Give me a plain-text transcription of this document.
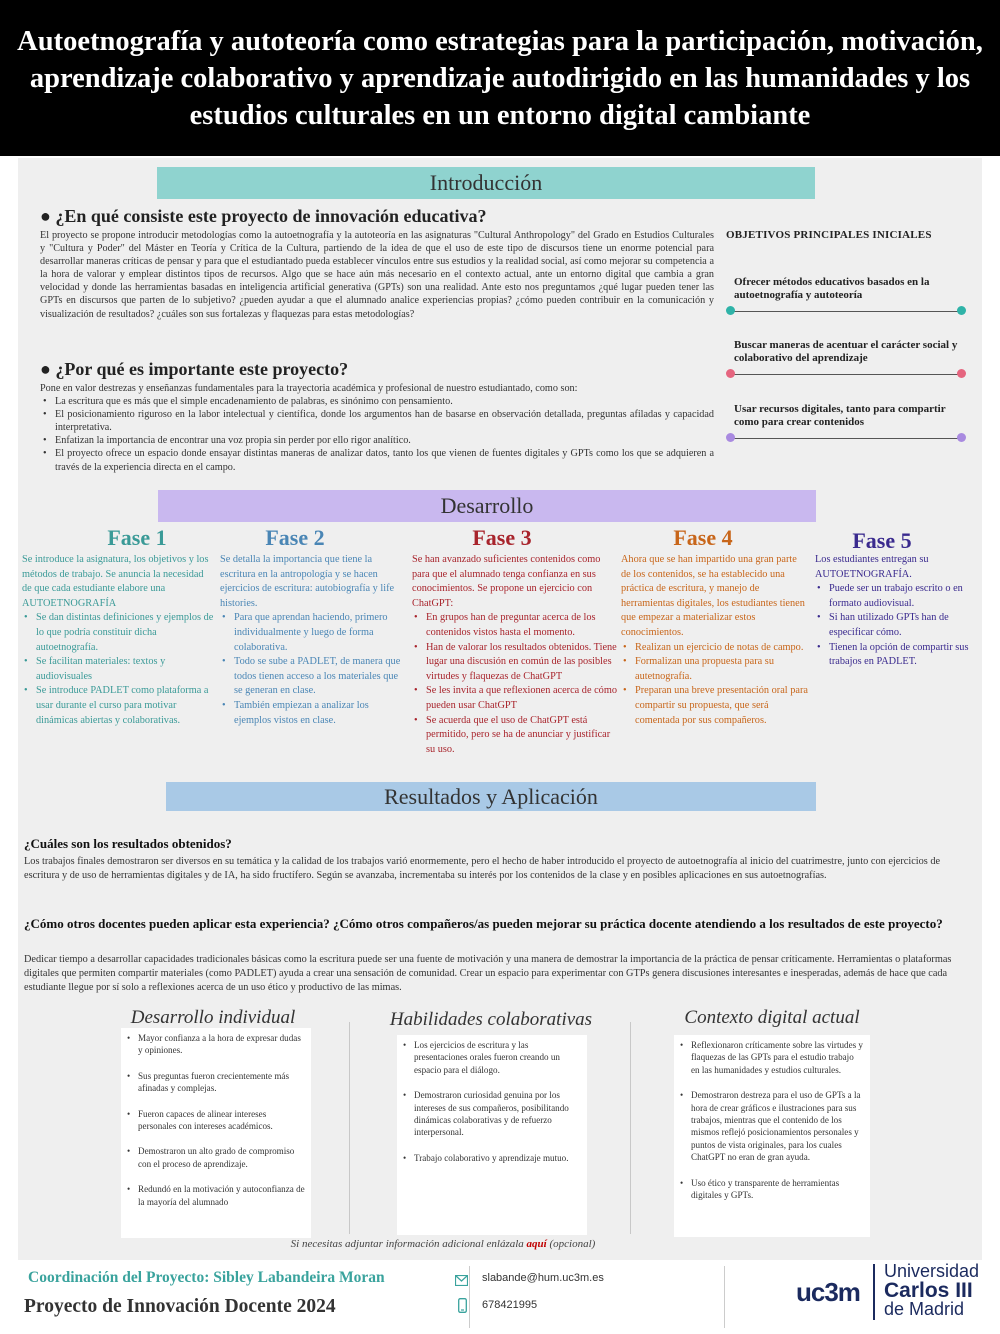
Autoetnografía y autoteoría como estrategias para la participación, motivación, aprendizaje colaborativo y aprendizaje autodirigido en las humanidades y los estudios culturales en un entorno digital cambiante
Introducción
● ¿En qué consiste este proyecto de innovación educativa?
El proyecto se propone introducir metodologías como la autoetnografía y la autoteoría en las asignaturas "Cultural Anthropology" del Grado en Estudios Culturales y "Cultura y Poder" del Máster en Teoría y Crítica de la Cultura, partiendo de la idea de que el uso de este tipo de discursos tiene un enorme potencial para desarrollar maneras críticas de pensar y para que el estudiantado pueda establecer vínculos entre sus estudios y la realidad social, así como mejorar su competencia a la hora de valorar y emplear distintos tipos de recursos. Algo que se hace aún más necesario en el contexto actual, ante un entorno digital que cambia a gran velocidad y donde las herramientas basadas en inteligencia artificial generativa (GPTs) son una realidad. Ante esto nos preguntamos ¿qué lugar pueden tener las GPTs en discursos que parten de lo subjetivo? ¿pueden ayudar a que el alumnado analice experiencias propias? ¿cómo pueden contribuir en la comunicación y visualización de resultados? ¿cuáles son sus fortalezas y flaquezas para estas metodologías?
● ¿Por qué es importante este proyecto?
Pone en valor destrezas y enseñanzas fundamentales para la trayectoria académica y profesional de nuestro estudiantado, como son:
• La escritura que es más que el simple encadenamiento de palabras, es sinónimo con pensamiento.
• El posicionamiento riguroso en la labor intelectual y científica, donde los argumentos han de basarse en observación detallada, preguntas afiladas y capacidad interpretativa.
• Enfatizan la importancia de encontrar una voz propia sin perder por ello rigor analítico.
• El proyecto ofrece un espacio donde ensayar distintas maneras de analizar datos, tanto los que vienen de fuentes digitales y GPTs como los que se adquieren a través de la experiencia directa en el campo.
OBJETIVOS PRINCIPALES INICIALES
Ofrecer métodos educativos basados en la autoetnografía y autoteoría
Buscar maneras de acentuar el carácter social y colaborativo del aprendizaje
Usar recursos digitales, tanto para compartir como para crear contenidos
Desarrollo
Fase 1
Se introduce la asignatura, los objetivos y los métodos de trabajo. Se anuncia la necesidad de que cada estudiante elabore una AUTOETNOGRAFÍA
• Se dan distintas definiciones y ejemplos de lo que podría constituir dicha autoetnografía.
• Se facilitan materiales: textos y audiovisuales
• Se introduce PADLET como plataforma a usar durante el curso para motivar dinámicas abiertas y colaborativas.
Fase 2
Se detalla la importancia que tiene la escritura en la antropología y se hacen ejercicios de escritura: autobiografía y life histories.
• Para que aprendan haciendo, primero individualmente y luego de forma colaborativa.
• Todo se sube a PADLET, de manera que todos tienen acceso a los materiales que se generan en clase.
• También empiezan a analizar los ejemplos vistos en clase.
Fase 3
Se han avanzado suficientes contenidos como para que el alumnado tenga confianza en sus conocimientos. Se propone un ejercicio con ChatGPT:
• En grupos han de preguntar acerca de los contenidos vistos hasta el momento.
• Han de valorar los resultados obtenidos. Tiene lugar una discusión en común de las posibles virtudes y flaquezas de ChatGPT
• Se les invita a que reflexionen acerca de cómo pueden usar ChatGPT
• Se acuerda que el uso de ChatGPT está permitido, pero se ha de anunciar y justificar su uso.
Fase 4
Ahora que se han impartido una gran parte de los contenidos, se ha establecido una práctica de escritura, y manejo de herramientas digitales, los estudiantes tienen que empezar a materializar estos conocimientos.
• Realizan un ejercicio de notas de campo.
• Formalizan una propuesta para su autetnografía.
• Preparan una breve presentación oral para compartir su propuesta, que será comentada por sus compañeros.
Fase 5
Los estudiantes entregan su AUTOETNOGRAFÍA.
• Puede ser un trabajo escrito o en formato audiovisual.
• Si han utilizado GPTs han de especificar cómo.
• Tienen la opción de compartir sus trabajos en PADLET.
Resultados y Aplicación
¿Cuáles son los resultados obtenidos?
Los trabajos finales demostraron ser diversos en su temática y la calidad de los trabajos varió enormemente, pero el hecho de haber introducido el proyecto de autoetnografía al inicio del cuatrimestre, junto con ejercicios de escritura y de uso de herramientas digitales y de IA, ha sido fructífero. Según se avanzaba, incrementaba su interés por los contenidos de la clase y en posibles aplicaciones en sus autoetnografías.
¿Cómo otros docentes pueden aplicar esta experiencia? ¿Cómo otros compañeros/as pueden mejorar su práctica docente atendiendo a los resultados de este proyecto?
Dedicar tiempo a desarrollar capacidades tradicionales básicas como la escritura puede ser una fuente de motivación y una manera de demostrar la importancia de la práctica de pensar críticamente. Herramientas o plataformas digitales que permiten compartir materiales (como PADLET) ayuda a crear una sensación de comunidad. Crear un espacio para experimentar con GTPs genera discusiones interesantes e inesperadas, además de hace que cada estudiante llegue por sí solo a reflexiones acerca de un uso ético y productivo de las mimas.
Desarrollo individual
• Mayor confianza a la hora de expresar dudas y opiniones.
• Sus preguntas fueron crecientemente más afinadas y complejas.
• Fueron capaces de alinear intereses personales con intereses académicos.
• Demostraron un alto grado de compromiso con el proceso de aprendizaje.
• Redundó en la motivación y autoconfianza de la mayoría del alumnado
Habilidades colaborativas
• Los ejercicios de escritura y las presentaciones orales fueron creando un espacio para el diálogo.
• Demostraron curiosidad genuina por los intereses de sus compañeros, posibilitando dinámicas colaborativas y de refuerzo interpersonal.
• Trabajo colaborativo y aprendizaje mutuo.
Contexto digital actual
• Reflexionaron críticamente sobre las virtudes y flaquezas de las GPTs para el estudio trabajo en las humanidades y estudios culturales.
• Demostraron destreza para el uso de GPTs a la hora de crear gráficos e ilustraciones para sus trabajos, mientras que el contenido de los mismos reflejó posicionamientos personales y puntos de vista originales, para los cuales ChatGPT no eran de gran ayuda.
• Uso ético y transparente de herramientas digitales y GPTs.
Si necesitas adjuntar información adicional enlázala aquí (opcional)
Coordinación del Proyecto: Sibley Labandeira Moran
Proyecto de Innovación Docente 2024
slabande@hum.uc3m.es
678421995	uc3m
Universidad
Carlos III
de Madrid
